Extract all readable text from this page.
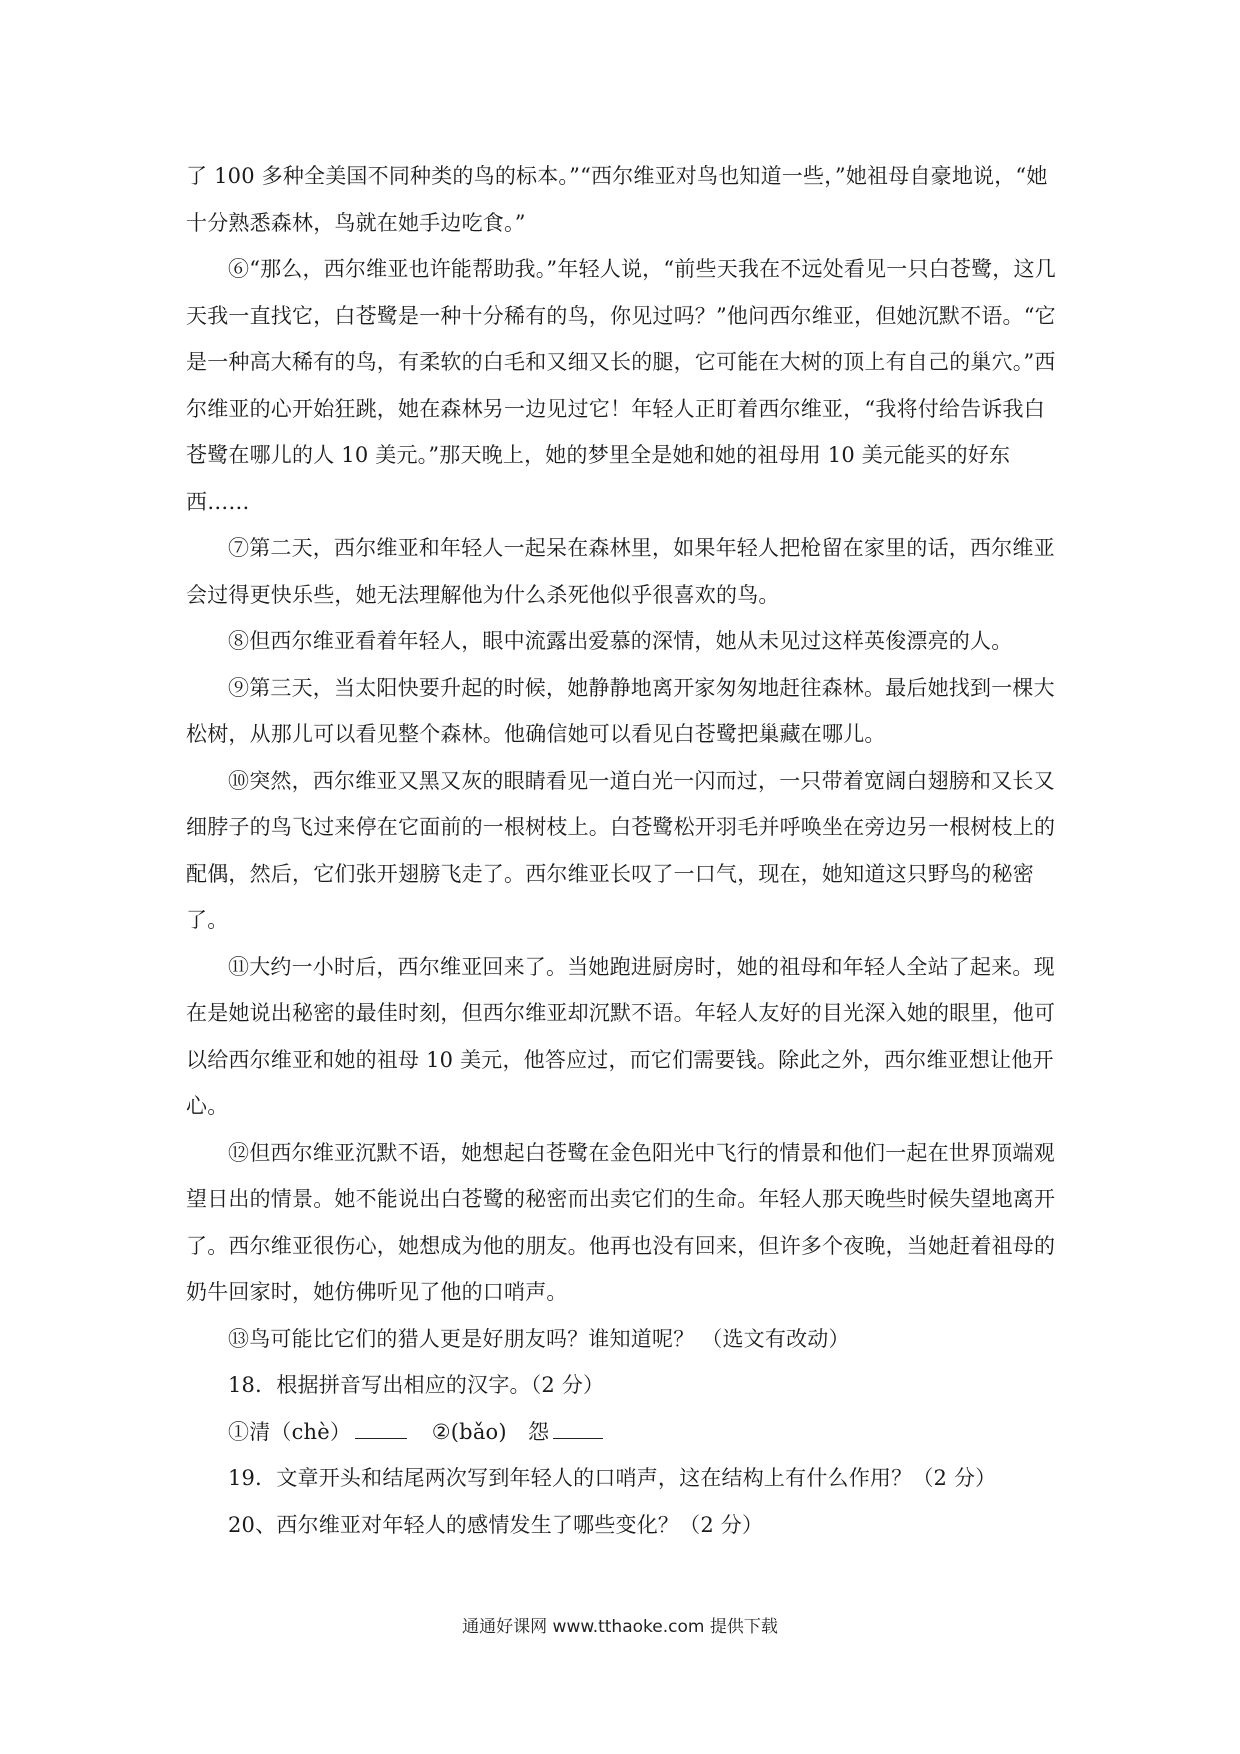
了 100 多种全美国不同种类的鸟的标本。”“西尔维亚对鸟也知道一些，”她祖母自豪地说，“她十分熟悉森林，鸟就在她手边吃食。”

⑥“那么，西尔维亚也许能帮助我。”年轻人说，“前些天我在不远处看见一只白苍鹭，这几天我一直找它，白苍鹭是一种十分稀有的鸟，你见过吗？”他问西尔维亚，但她沉默不语。“它是一种高大稀有的鸟，有柔软的白毛和又细又长的腿，它可能在大树的顶上有自己的巢穴。”西尔维亚的心开始狂跳，她在森林另一边见过它！年轻人正盯着西尔维亚，“我将付给告诉我白苍鹭在哪儿的人 10 美元。”那天晚上，她的梦里全是她和她的祖母用 10 美元能买的好东西……

⑦第二天，西尔维亚和年轻人一起呆在森林里，如果年轻人把枪留在家里的话，西尔维亚会过得更快乐些，她无法理解他为什么杀死他似乎很喜欢的鸟。

⑧但西尔维亚看着年轻人，眼中流露出爱慕的深情，她从未见过这样英俊漂亮的人。

⑨第三天，当太阳快要升起的时候，她静静地离开家匆匆地赶往森林。最后她找到一棵大松树，从那儿可以看见整个森林。他确信她可以看见白苍鹭把巢藏在哪儿。

⑩突然，西尔维亚又黑又灰的眼睛看见一道白光一闪而过，一只带着宽阔白翅膀和又长又细脖子的鸟飞过来停在它面前的一根树枝上。白苍鹭松开羽毛并呼唤坐在旁边另一根树枝上的配偶，然后，它们张开翅膀飞走了。西尔维亚长叹了一口气，现在，她知道这只野鸟的秘密了。

⑪大约一小时后，西尔维亚回来了。当她跑进厨房时，她的祖母和年轻人全站了起来。现在是她说出秘密的最佳时刻，但西尔维亚却沉默不语。年轻人友好的目光深入她的眼里，他可以给西尔维亚和她的祖母 10 美元，他答应过，而它们需要钱。除此之外，西尔维亚想让他开心。

⑫但西尔维亚沉默不语，她想起白苍鹭在金色阳光中飞行的情景和他们一起在世界顶端观望日出的情景。她不能说出白苍鹭的秘密而出卖它们的生命。年轻人那天晚些时候失望地离开了。西尔维亚很伤心，她想成为他的朋友。他再也没有回来，但许多个夜晚，当她赶着祖母的奶牛回家时，她仿佛听见了他的口哨声。

⑬鸟可能比它们的猎人更是好朋友吗？谁知道呢？ （选文有改动）

18．根据拼音写出相应的汉字。（2 分）

①清（chè）	②(bǎo)　怨

19．文章开头和结尾两次写到年轻人的口哨声，这在结构上有什么作用？（2 分）

20、西尔维亚对年轻人的感情发生了哪些变化？（2 分）

通通好课网 www.tthaoke.com 提供下载
